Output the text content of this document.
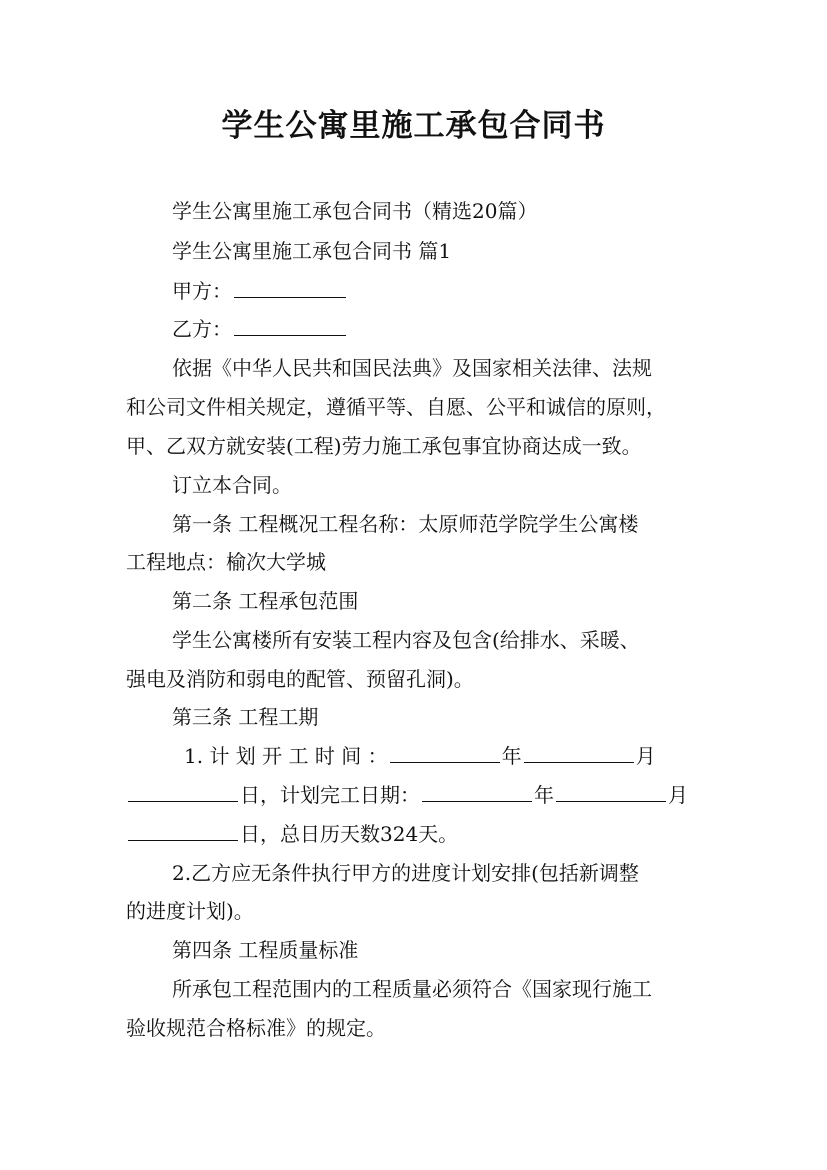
学生公寓里施工承包合同书
学生公寓里施工承包合同书（精选20篇）
学生公寓里施工承包合同书 篇1
甲方：
乙方：
依据《中华人民共和国民法典》及国家相关法律、法规
和公司文件相关规定，遵循平等、自愿、公平和诚信的原则，
甲、乙双方就安装(工程)劳力施工承包事宜协商达成一致。
订立本合同。
第一条 工程概况工程名称：太原师范学院学生公寓楼
工程地点：榆次大学城
第二条 工程承包范围
学生公寓楼所有安装工程内容及包含(给排水、采暖、
强电及消防和弱电的配管、预留孔洞)。
第三条 工程工期
1. 计 划 开 工 时 间 ：	年	月
日，计划完工日期：	年	月
日，总日历天数324天。
2.乙方应无条件执行甲方的进度计划安排(包括新调整
的进度计划)。
第四条 工程质量标准
所承包工程范围内的工程质量必须符合《国家现行施工
验收规范合格标准》的规定。
